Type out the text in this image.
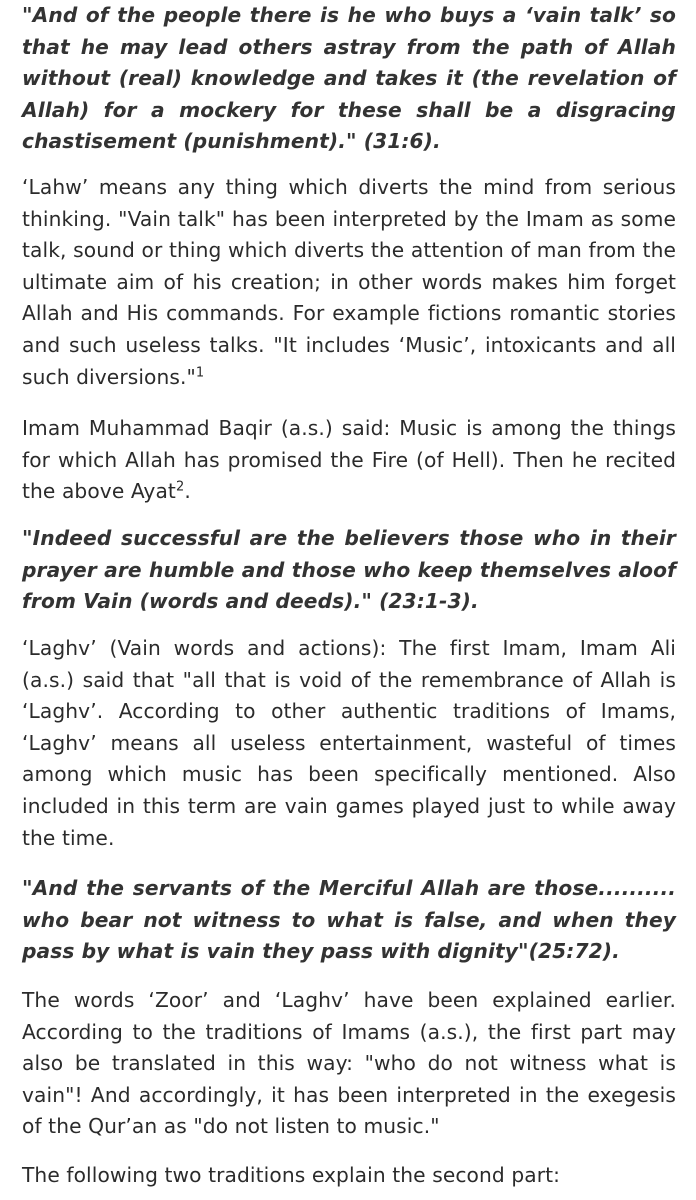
"And of the people there is he who buys a ‘vain talk’ so that he may lead others astray from the path of Allah without (real) knowledge and takes it (the revelation of Allah) for a mockery for these shall be a disgracing chastisement (punishment)." (31:6).

‘Lahw’ means any thing which diverts the mind from serious thinking. "Vain talk" has been interpreted by the Imam as some talk, sound or thing which diverts the attention of man from the ultimate aim of his creation; in other words makes him forget Allah and His commands. For example fictions romantic stories and such useless talks. "It includes ‘Music’, intoxicants and all such diversions."$^1$

Imam Muhammad Baqir (a.s.) said: Music is among the things for which Allah has promised the Fire (of Hell). Then he recited the above Ayat$^2$.

"Indeed successful are the believers those who in their prayer are humble and those who keep themselves aloof from Vain (words and deeds)." (23:1-3).

‘Laghv’ (Vain words and actions): The first Imam, Imam Ali (a.s.) said that "all that is void of the remembrance of Allah is ‘Laghv’. According to other authentic traditions of Imams, ‘Laghv’ means all useless entertainment, wasteful of times among which music has been specifically mentioned. Also included in this term are vain games played just to while away the time.

"And the servants of the Merciful Allah are those.......... who bear not witness to what is false, and when they pass by what is vain they pass with dignity"(25:72).

The words ‘Zoor’ and ‘Laghv’ have been explained earlier. According to the traditions of Imams (a.s.), the first part may also be translated in this way: "who do not witness what is vain"! And accordingly, it has been interpreted in the exegesis of the Qur’an as "do not listen to music."

The following two traditions explain the second part:
